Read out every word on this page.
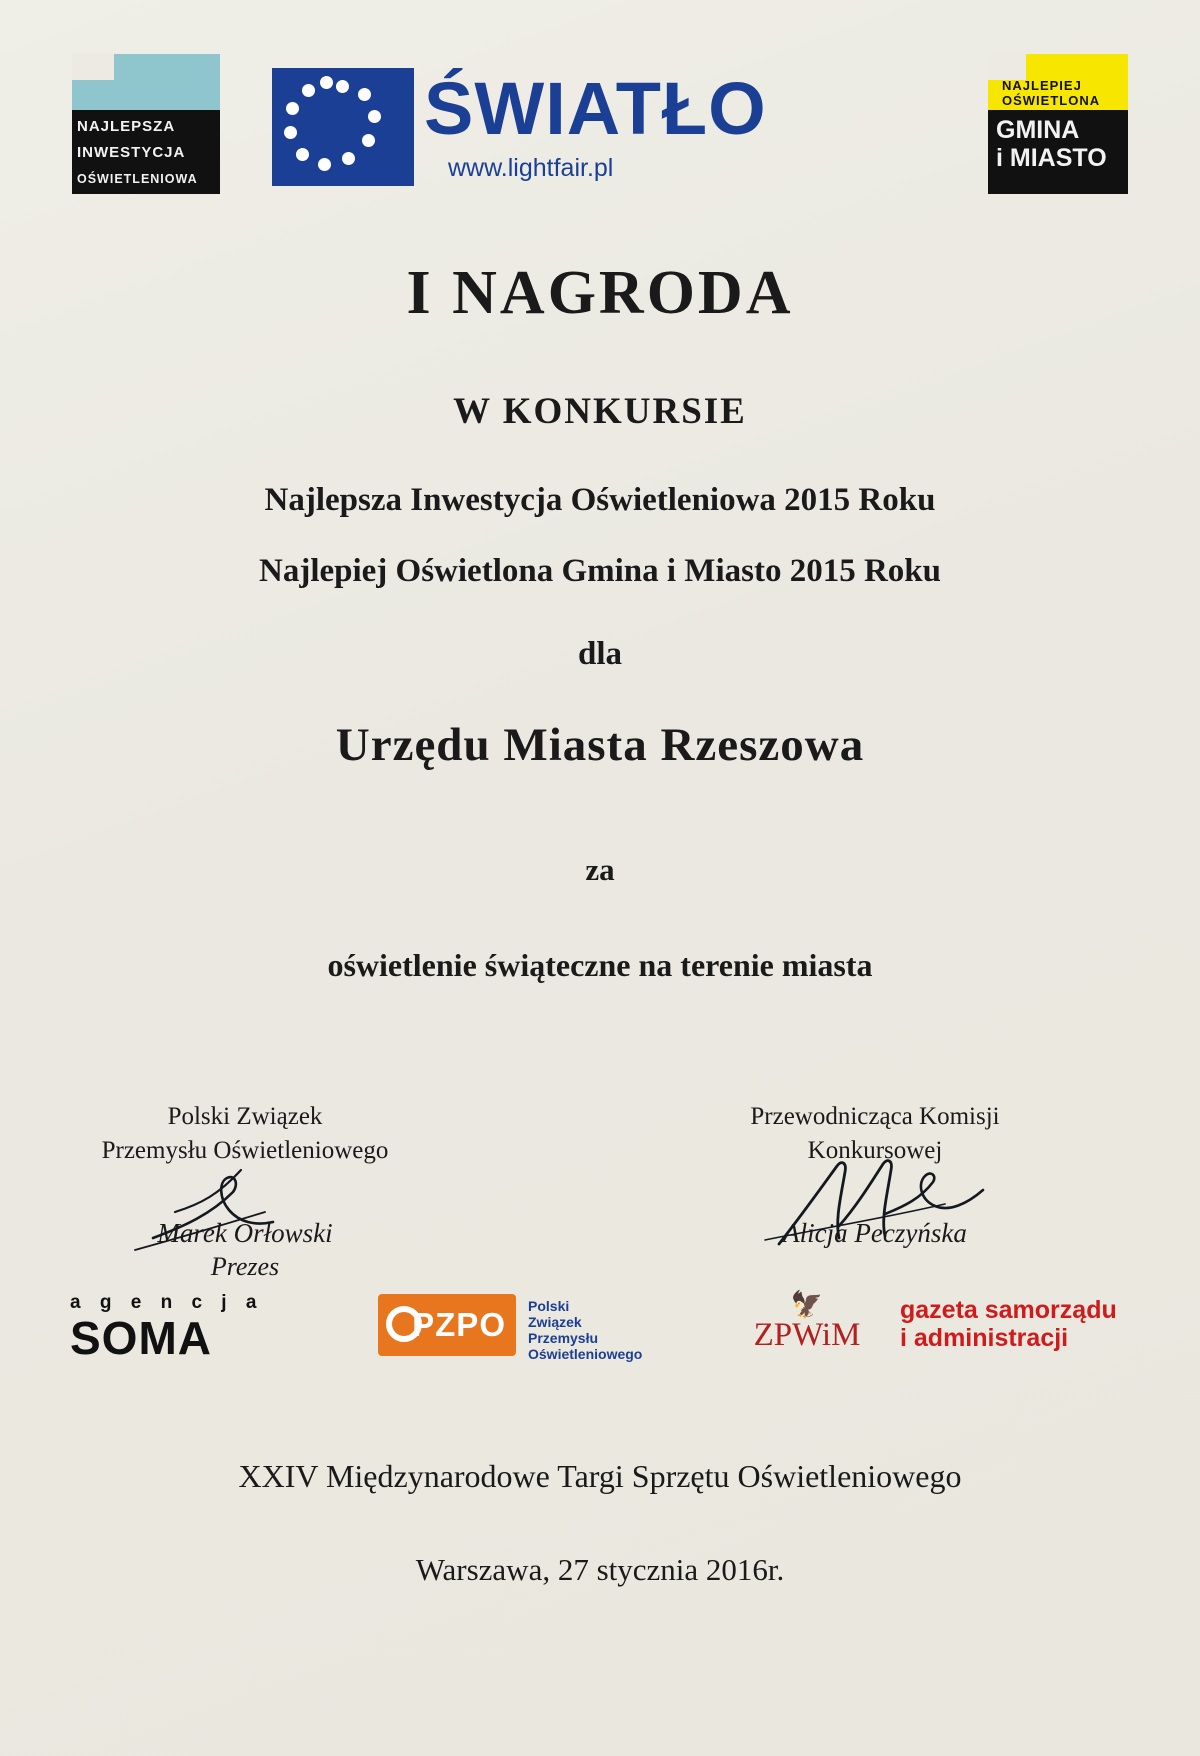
NAJLEPSZA
INWESTYCJA
OŚWIETLENIOWA
ŚWIATŁO
www.lightfair.pl
NAJLEPIEJ
OŚWIETLONA
GMINA
i MIASTO
I NAGRODA
W KONKURSIE
Najlepsza Inwestycja Oświetleniowa 2015 Roku
Najlepiej Oświetlona Gmina i Miasto 2015 Roku
dla
Urzędu Miasta Rzeszowa
za
oświetlenie świąteczne na terenie miasta
Polski Związek
Przemysłu Oświetleniowego
Marek Orłowski
Prezes
Przewodnicząca Komisji
Konkursowej
Alicja Peczyńska
a g e n c j a
SOMA	PZPO Polski
Związek
Przemysłu
Oświetleniowego
🦅
ZPWiM
gazeta samorządu
i administracji
XXIV Międzynarodowe Targi Sprzętu Oświetleniowego
Warszawa, 27 stycznia 2016r.
